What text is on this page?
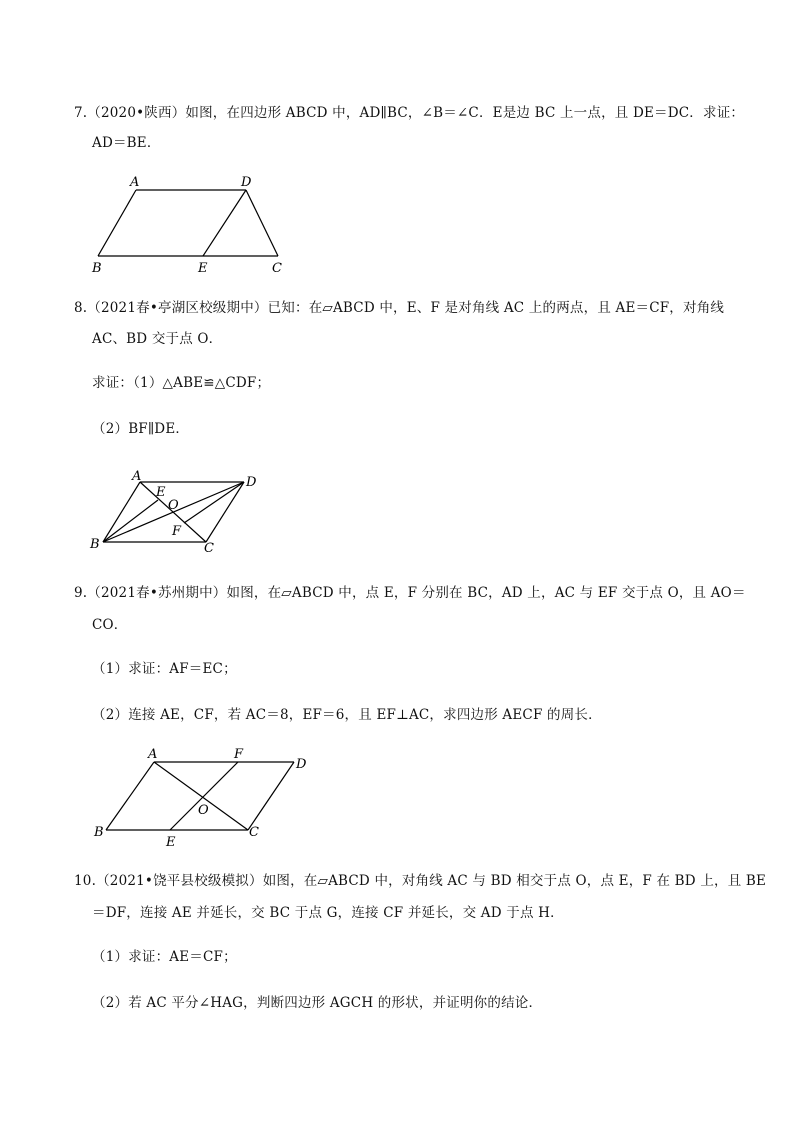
7.（2020•陕西）如图，在四边形 ABCD 中，AD∥BC，∠B＝∠C．E是边 BC 上一点，且 DE＝DC．求证：
AD＝BE．
A	D
B	E	C
8.（2021春•亭湖区校级期中）已知：在▱ABCD 中，E、F 是对角线 AC 上的两点，且 AE＝CF，对角线
AC、BD 交于点 O．
求证：（1）△ABE≌△CDF；
（2）BF∥DE．
A	D
E
O
F
B	C
9.（2021春•苏州期中）如图，在▱ABCD 中，点 E，F 分别在 BC，AD 上，AC 与 EF 交于点 O，且 AO＝
CO．
（1）求证：AF＝EC；
（2）连接 AE，CF，若 AC＝8，EF＝6，且 EF⊥AC，求四边形 AECF 的周长．
A	F
D
O
B
E
C
10.（2021•饶平县校级模拟）如图，在▱ABCD 中，对角线 AC 与 BD 相交于点 O，点 E，F 在 BD 上，且 BE
＝DF，连接 AE 并延长，交 BC 于点 G，连接 CF 并延长，交 AD 于点 H．
（1）求证：AE＝CF；
（2）若 AC 平分∠HAG，判断四边形 AGCH 的形状，并证明你的结论．
